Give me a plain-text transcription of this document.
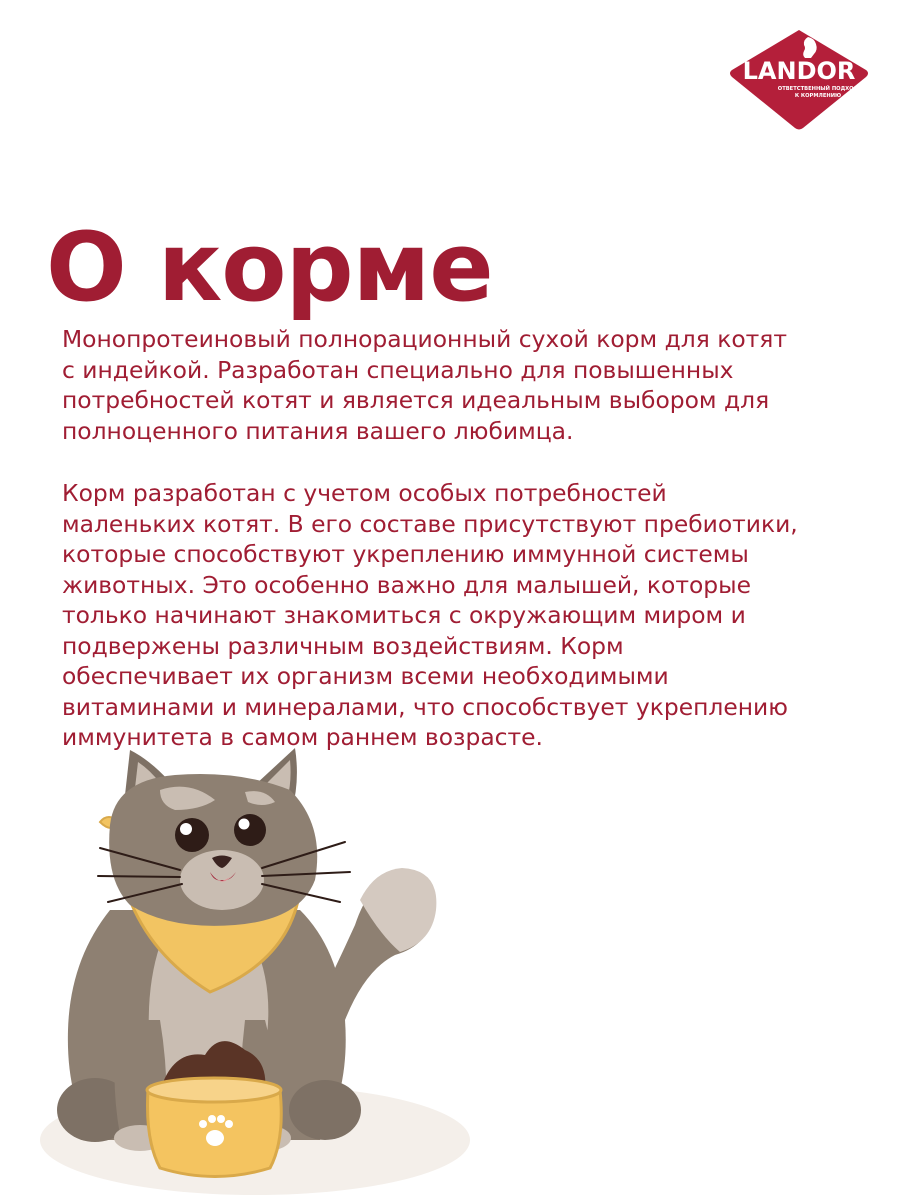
LANDOR
ОТВЕТСТВЕННЫЙ ПОДХОД
К КОРМЛЕНИЮ
О корме

Монопротеиновый полнорационный сухой корм для котят
с индейкой. Разработан специально для повышенных
потребностей котят и является идеальным выбором для
полноценного питания вашего любимца.

Корм разработан с учетом особых потребностей
маленьких котят. В его составе присутствуют пребиотики,
которые способствуют укреплению иммунной системы
животных. Это особенно важно для малышей, которые
только начинают знакомиться с окружающим миром и
подвержены различным воздействиям. Корм
обеспечивает их организм всеми необходимыми
витаминами и минералами, что способствует укреплению
иммунитета в самом раннем возрасте.
